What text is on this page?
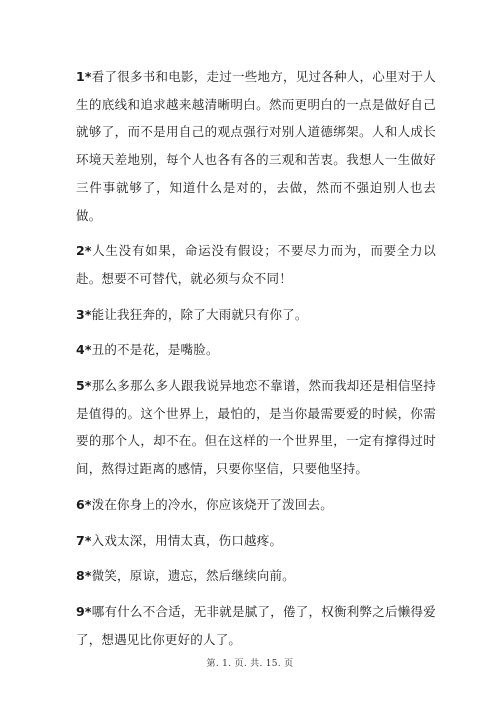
1*看了很多书和电影，走过一些地方，见过各种人，心里对于人生的底线和追求越来越清晰明白。然而更明白的一点是做好自己就够了，而不是用自己的观点强行对别人道德绑架。人和人成长环境天差地别，每个人也各有各的三观和苦衷。我想人一生做好三件事就够了，知道什么是对的，去做，然而不强迫别人也去做。

2*人生没有如果，命运没有假设；不要尽力而为，而要全力以赴。想要不可替代，就必须与众不同！

3*能让我狂奔的，除了大雨就只有你了。

4*丑的不是花，是嘴脸。

5*那么多那么多人跟我说异地恋不靠谱，然而我却还是相信坚持是值得的。这个世界上，最怕的，是当你最需要爱的时候，你需要的那个人，却不在。但在这样的一个世界里，一定有撑得过时间，熬得过距离的感情，只要你坚信，只要他坚持。

6*泼在你身上的冷水，你应该烧开了泼回去。

7*入戏太深，用情太真，伤口越疼。

8*微笑，原谅，遗忘，然后继续向前。

9*哪有什么不合适，无非就是腻了，倦了，权衡利弊之后懒得爱了，想遇见比你更好的人了。

第. 1. 页. 共. 15. 页
